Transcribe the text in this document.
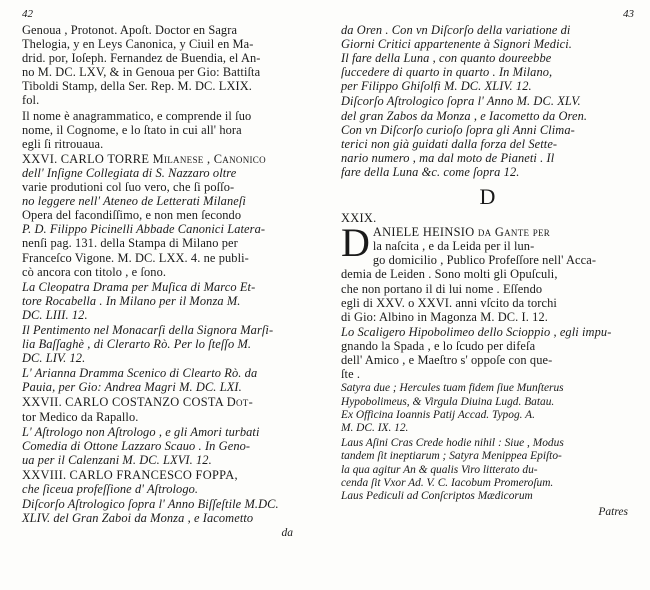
42
Genoua , Protonot. Apoſt. Doctor en Sagra
Thelogia, y en Leys Canonica, y Ciuil en Ma-
drid. por, Ioſeph. Fernandez de Buendia, el An-
no M. DC. LXV, & in Genoua per Gio: Battiſta
Tiboldi Stamp, della Ser. Rep. M. DC. LXIX.
fol.
Il nome è anagrammatico, e comprende il ſuo
nome, il Cognome, e lo ſtato in cui all' hora
egli ſi ritrouaua.
XXVI. CARLO TORRE Milaneſe , Canonico
dell' Inſigne Collegiata di S. Nazzaro oltre
varie produtioni col ſuo vero, che ſi poſſo-
no leggere nell' Ateneo de Letterati Milaneſi
Opera del facondiſſimo, e non men ſecondo
P. D. Filippo Picinelli Abbade Canonici Latera-
nenſi pag. 131. della Stampa di Milano per
Franceſco Vigone. M. DC. LXX. 4. ne publi-
cò ancora con titolo , e ſono.
La Cleopatra Drama per Muſica di Marco Et-
tore Rocabella . In Milano per il Monza M.
DC. LIII. 12.
Il Pentimento nel Monacarſi della Signora Marſi-
lia Baſſaghè , di Clerarto Rò. Per lo ſteſſo M.
DC. LIV. 12.
L' Arianna Dramma Scenico di Clearto Rò. da
Pauia, per Gio: Andrea Magri M. DC. LXI.
XXVII. CARLO COSTANZO COSTA Dot-
tor Medico da Rapallo.
L' Aſtrologo non Aſtrologo , e gli Amori turbati
Comedia di Ottone Lazzaro Scauo . In Geno-
ua per il Calenzani M. DC. LXVI. 12.
XXVIII. CARLO FRANCESCO FOPPA,
che ſiceua profeſſione d' Aſtrologo.
Diſcorſo Aſtrologico ſopra l' Anno Biſſeſtile M.DC.
XLIV. del Gran Zaboi da Monza , e Iacometto
da
43
da Oren . Con vn Diſcorſo della variatione di
Giorni Critici appartenente à Signori Medici.
Il fare della Luna , con quanto doureebbe
ſuccedere di quarto in quarto . In Milano,
per Filippo Ghiſolfi M. DC. XLIV. 12.
Diſcorſo Aſtrologico ſopra l' Anno M. DC. XLV.
del gran Zabos da Monza , e Iacometto da Oren.
Con vn Diſcorſo curioſo ſopra gli Anni Clima-
terici non già guidati dalla forza del Sette-
nario numero , ma dal moto de Pianeti . Il
fare della Luna &c. come ſopra 12.
D
XXIX.
D ANIELE HEINSIO da Gante per
la naſcita , e da Leida per il lun-
go domicilio , Publico Profeſſore nell' Acca-
demia de Leiden . Sono molti gli Opuſculi,
che non portano il di lui nome . Eſſendo
egli di XXV. o XXVI. anni vſcito da torchi
di Gio: Albino in Magonza M. DC. I. 12.
Lo Scaligero Hipobolimeo dello Scioppio , egli impu-
gnando la Spada , e lo ſcudo per difeſa
dell' Amico , e Maeſtro s' oppoſe con que-
ſte .
Satyra due ; Hercules tuam fidem ſiue Munſterus
Hypobolimeus, & Virgula Diuina Lugd. Batau.
Ex Officina Ioannis Patij Accad. Typog. A.
M. DC. IX. 12.
Laus Aſini Cras Crede hodie nihil : Siue , Modus
tandem ſit ineptiarum ; Satyra Menippea Epiſto-
la qua agitur An & qualis Viro litterato du-
cenda ſit Vxor Ad. V. C. Iacobum Promeroſum.
Laus Pediculi ad Conſcriptos Mædicorum
Patres
